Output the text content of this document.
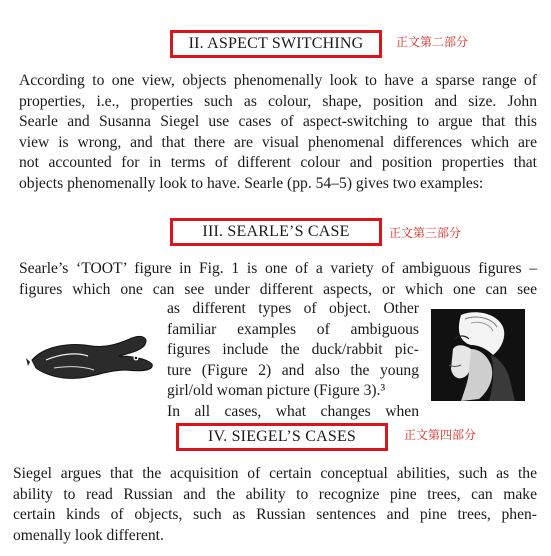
II. ASPECT SWITCHING	正文第二部分
According to one view, objects phenomenally look to have a sparse range of
properties, i.e., properties such as colour, shape, position and size. John
Searle and Susanna Siegel use cases of aspect-switching to argue that this
view is wrong, and that there are visual phenomenal differences which are
not accounted for in terms of different colour and position properties that
objects phenomenally look to have. Searle (pp. 54–5) gives two examples:
III. SEARLE’S CASE	正文第三部分
Searle’s ‘TOOT’ figure in Fig. 1 is one of a variety of ambiguous figures –
figures which one can see under different aspects, or which one can see
as different types of object. Other
familiar examples of ambiguous
figures include the duck/rabbit pic-
ture (Figure 2) and also the young
girl/old woman picture (Figure 3).³
In all cases, what changes when
IV. SIEGEL’S CASES	正文第四部分
Siegel argues that the acquisition of certain conceptual abilities, such as the
ability to read Russian and the ability to recognize pine trees, can make
certain kinds of objects, such as Russian sentences and pine trees, phen-
omenally look different.
